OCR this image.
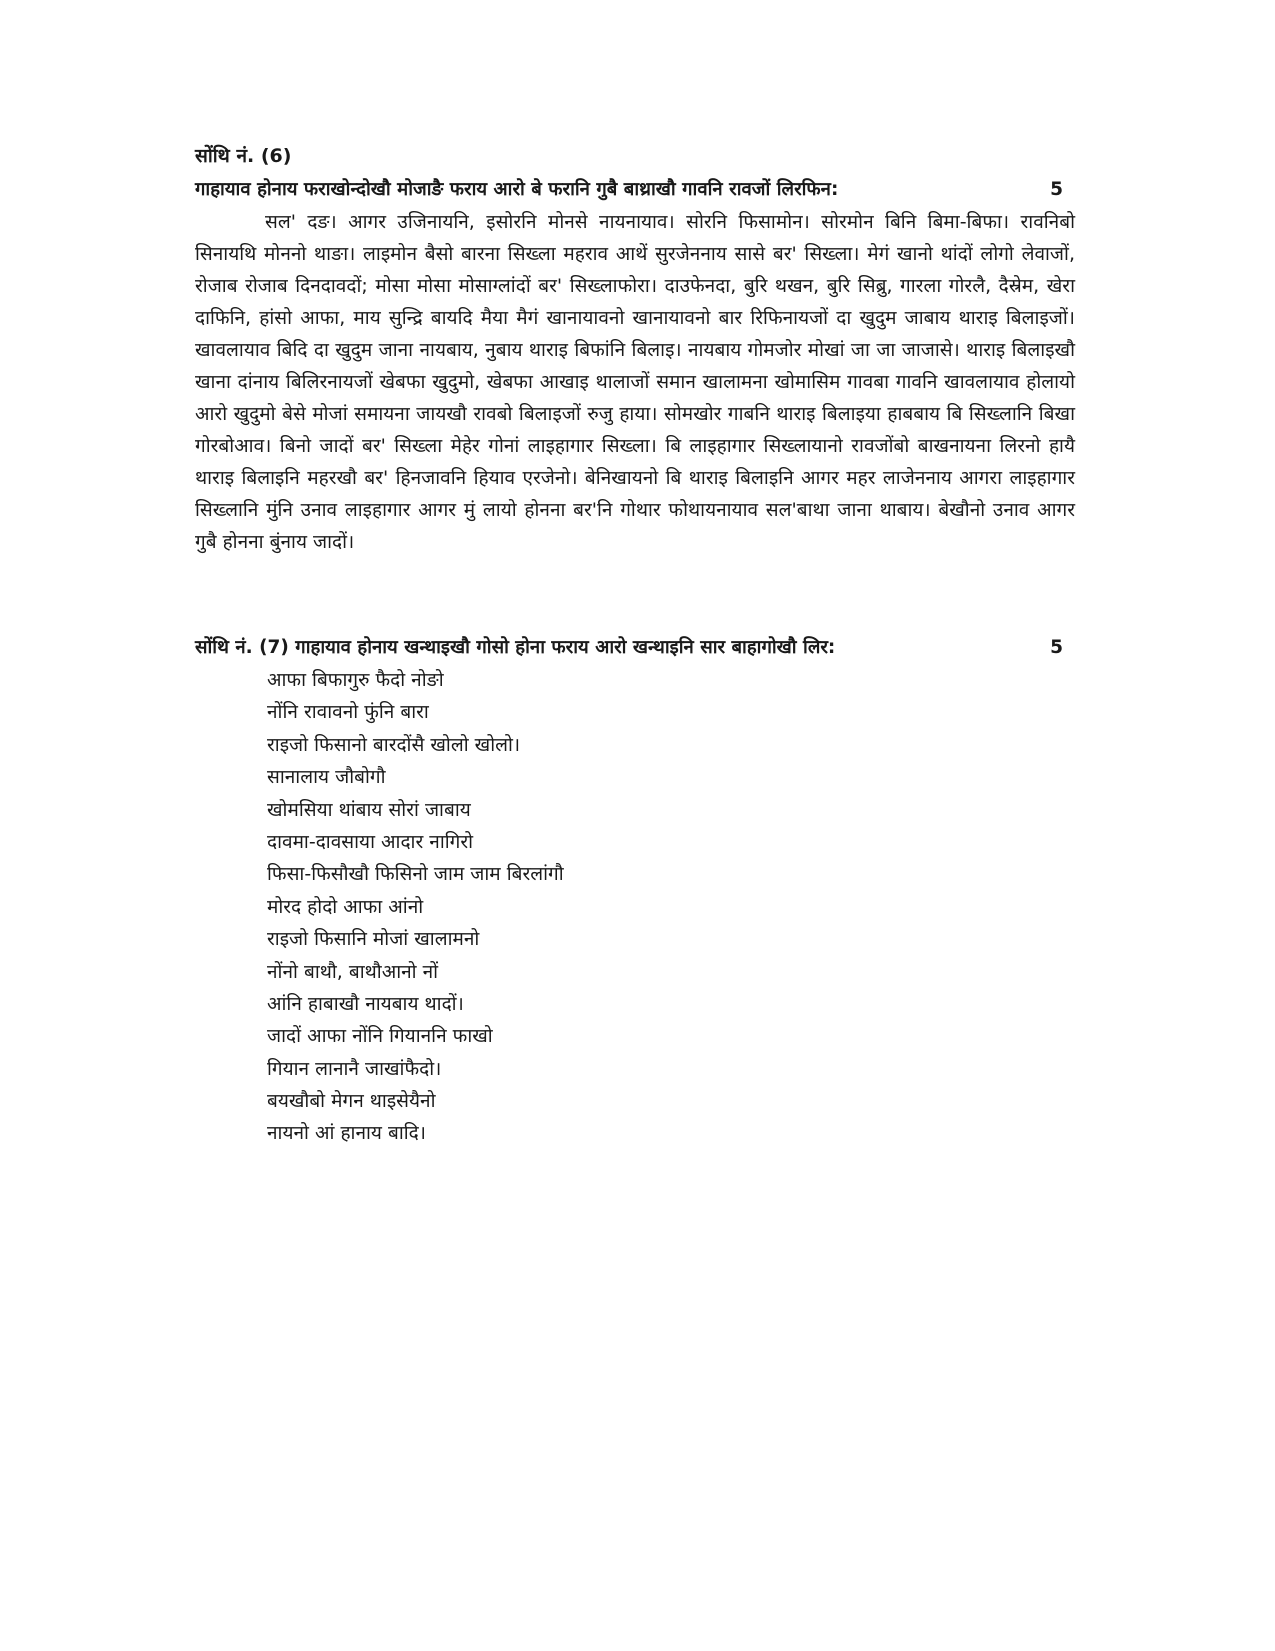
सोंथि नं. (6)
गाहायाव होनाय फराखोन्दोखौ मोजाङै फराय आरो बे फरानि गुबै बाथ्राखौ गावनि रावजों लिरफिन:	5

सल' दङ। आगर उजिनायनि, इसोरनि मोनसे नायनायाव। सोरनि फिसामोन। सोरमोन बिनि बिमा-बिफा। रावनिबो सिनायथि मोननो थाङा। लाइमोन बैसो बारना सिख्ला महराव आथें सुरजेननाय सासे बर' सिख्ला। मेगं खानो थांदों लोगो लेवाजों, रोजाब रोजाब दिनदावदों; मोसा मोसा मोसाग्लांदों बर' सिख्लाफोरा। दाउफेनदा, बुरि थखन, बुरि सिब्रु, गारला गोरलै, दैस्रेम, खेरा दाफिनि, हांसो आफा, माय सुन्द्रि बायदि मैया मैगं खानायावनो खानायावनो बार रिफिनायजों दा खुदुम जाबाय थाराइ बिलाइजों। खावलायाव बिदि दा खुदुम जाना नायबाय, नुबाय थाराइ बिफांनि बिलाइ। नायबाय गोमजोर मोखां जा जा जाजासे। थाराइ बिलाइखौ खाना दांनाय बिलिरनायजों खेबफा खुदुमो, खेबफा आखाइ थालाजों समान खालामना खोमासिम गावबा गावनि खावलायाव होलायो आरो खुदुमो बेसे मोजां समायना जायखौ रावबो बिलाइजों रुजु हाया। सोमखोर गाबनि थाराइ बिलाइया हाबबाय बि सिख्लानि बिखा गोरबोआव। बिनो जादों बर' सिख्ला मेहेर गोनां लाइहागार सिख्ला। बि लाइहागार सिख्लायानो रावजोंबो बाखनायना लिरनो हायै थाराइ बिलाइनि महरखौ बर' हिनजावनि हियाव एरजेनो। बेनिखायनो बि थाराइ बिलाइनि आगर महर लाजेननाय आगरा लाइहागार सिख्लानि मुंनि उनाव लाइहागार आगर मुं लायो होनना बर'नि गोथार फोथायनायाव सल'बाथा जाना थाबाय। बेखौनो उनाव आगर गुबै होनना बुंनाय जादों।

सोंथि नं. (7) गाहायाव होनाय खन्थाइखौ गोसो होना फराय आरो खन्थाइनि सार बाहागोखौ लिर:	5
आफा बिफागुरु फैदो नोङो
नोंनि रावावनो फुंनि बारा
राइजो फिसानो बारदोंसै खोलो खोलो।
सानालाय जौबोगौ
खोमसिया थांबाय सोरां जाबाय
दावमा-दावसाया आदार नागिरो
फिसा-फिसौखौ फिसिनो जाम जाम बिरलांगौ
मोरद होदो आफा आंनो
राइजो फिसानि मोजां खालामनो
नोंनो बाथौ, बाथौआनो नों
आंनि हाबाखौ नायबाय थादों।
जादों आफा नोंनि गियाननि फाखो
गियान लानानै जाखांफैदो।
बयखौबो मेगन थाइसेयैनो
नायनो आं हानाय बादि।
